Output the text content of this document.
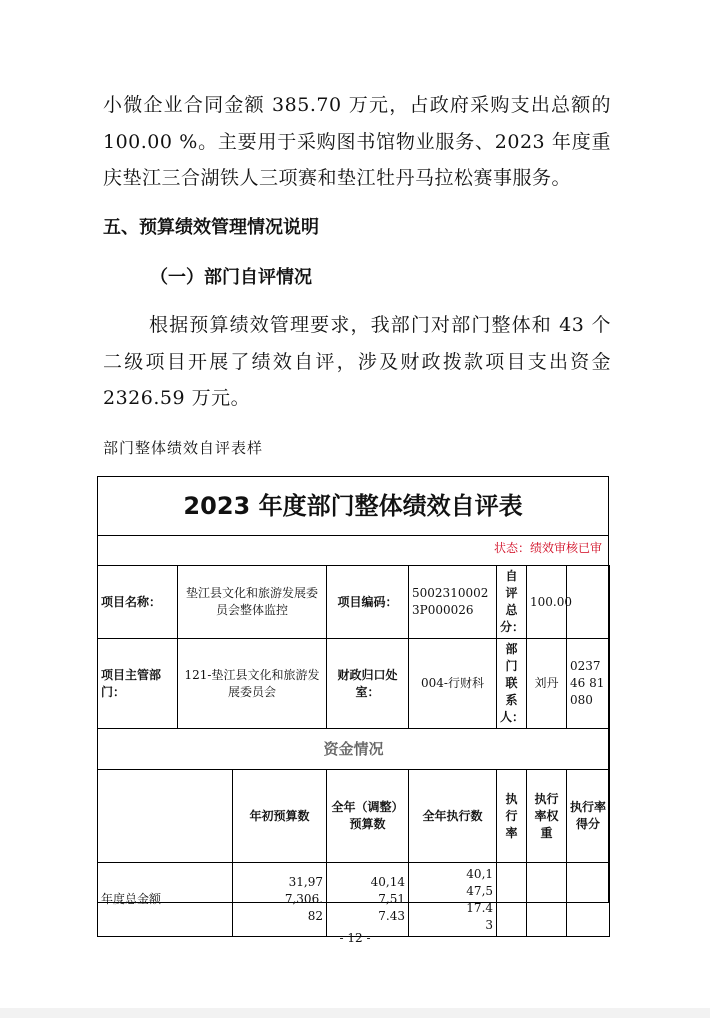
小微企业合同金额 385.70 万元，占政府采购支出总额的 100.00 %。主要用于采购图书馆物业服务、2023 年度重庆垫江三合湖铁人三项赛和垫江牡丹马拉松赛事服务。

五、预算绩效管理情况说明

（一）部门自评情况

根据预算绩效管理要求，我部门对部门整体和 43 个二级项目开展了绩效自评，涉及财政拨款项目支出资金 2326.59 万元。

部门整体绩效自评表样

2023 年度部门整体绩效自评表
状态：绩效审核已审
项目名称：	垫江县文化和旅游发展委员会整体监控		项目编码：	50023100023P000026	自评总分：	100.00	
项目主管部门：	121-垫江县文化和旅游发展委员会		财政归口处室：	004-行财科	部门联系人：	刘丹	023746 81080
资金情况							
		年初预算数	全年（调整）预算数	全年执行数	执行率	执行率权重	执行率得分
年度总金额		31,977,306.82	40,147,517.43	40,147,517.43			
- 12 -
